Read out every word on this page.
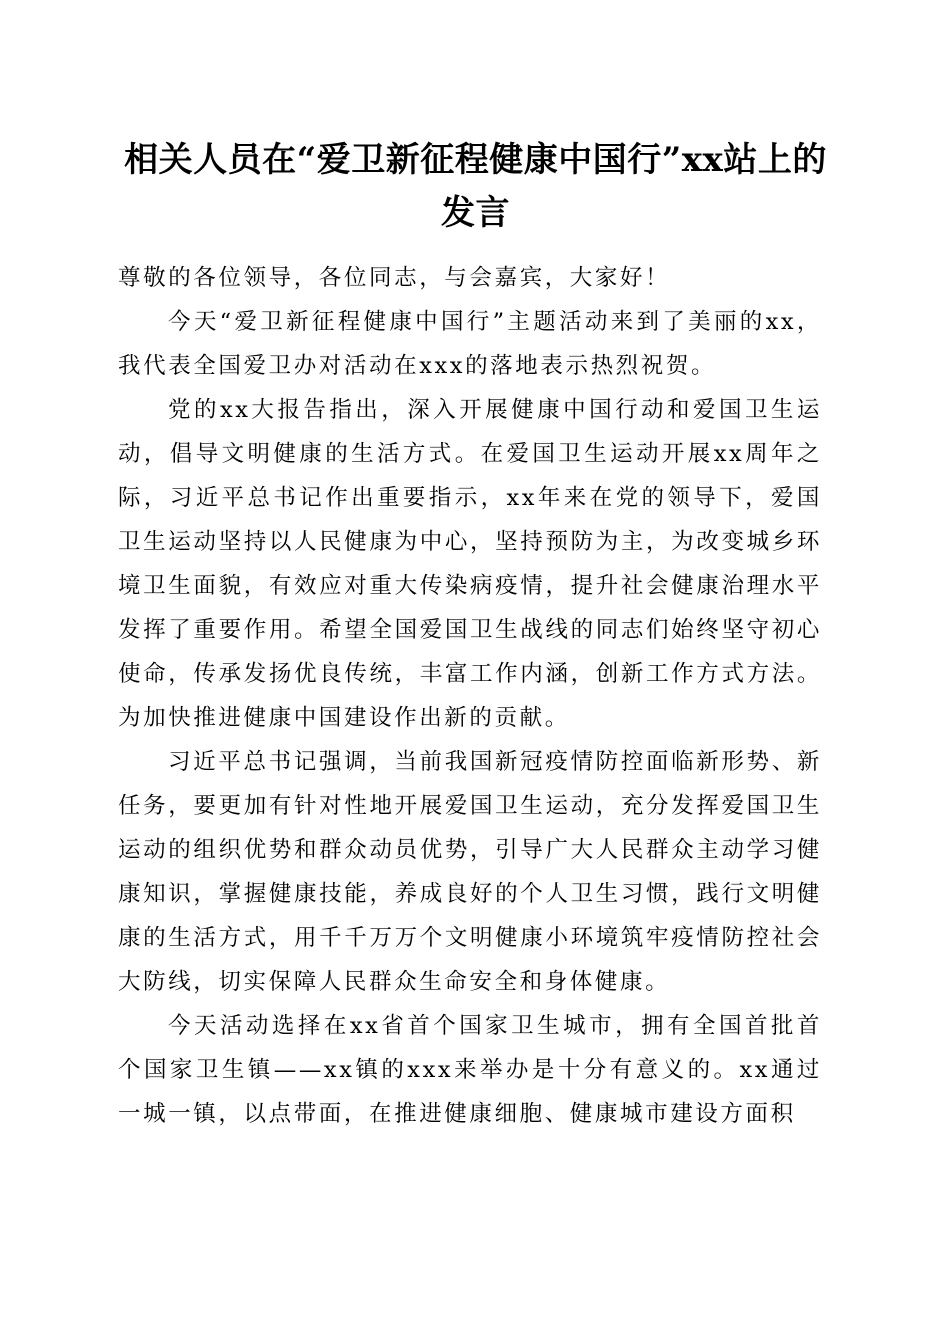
相关人员在“爱卫新征程健康中国行”xx站上的发言

尊敬的各位领导，各位同志，与会嘉宾，大家好！

今天“爱卫新征程健康中国行”主题活动来到了美丽的xx，我代表全国爱卫办对活动在xxx的落地表示热烈祝贺。

党的xx大报告指出，深入开展健康中国行动和爱国卫生运动，倡导文明健康的生活方式。在爱国卫生运动开展xx周年之际，习近平总书记作出重要指示，xx年来在党的领导下，爱国卫生运动坚持以人民健康为中心，坚持预防为主，为改变城乡环境卫生面貌，有效应对重大传染病疫情，提升社会健康治理水平发挥了重要作用。希望全国爱国卫生战线的同志们始终坚守初心使命，传承发扬优良传统，丰富工作内涵，创新工作方式方法。为加快推进健康中国建设作出新的贡献。

习近平总书记强调，当前我国新冠疫情防控面临新形势、新任务，要更加有针对性地开展爱国卫生运动，充分发挥爱国卫生运动的组织优势和群众动员优势，引导广大人民群众主动学习健康知识，掌握健康技能，养成良好的个人卫生习惯，践行文明健康的生活方式，用千千万万个文明健康小环境筑牢疫情防控社会大防线，切实保障人民群众生命安全和身体健康。

今天活动选择在xx省首个国家卫生城市，拥有全国首批首个国家卫生镇——xx镇的xxx来举办是十分有意义的。xx通过一城一镇，以点带面，在推进健康细胞、健康城市建设方面积
